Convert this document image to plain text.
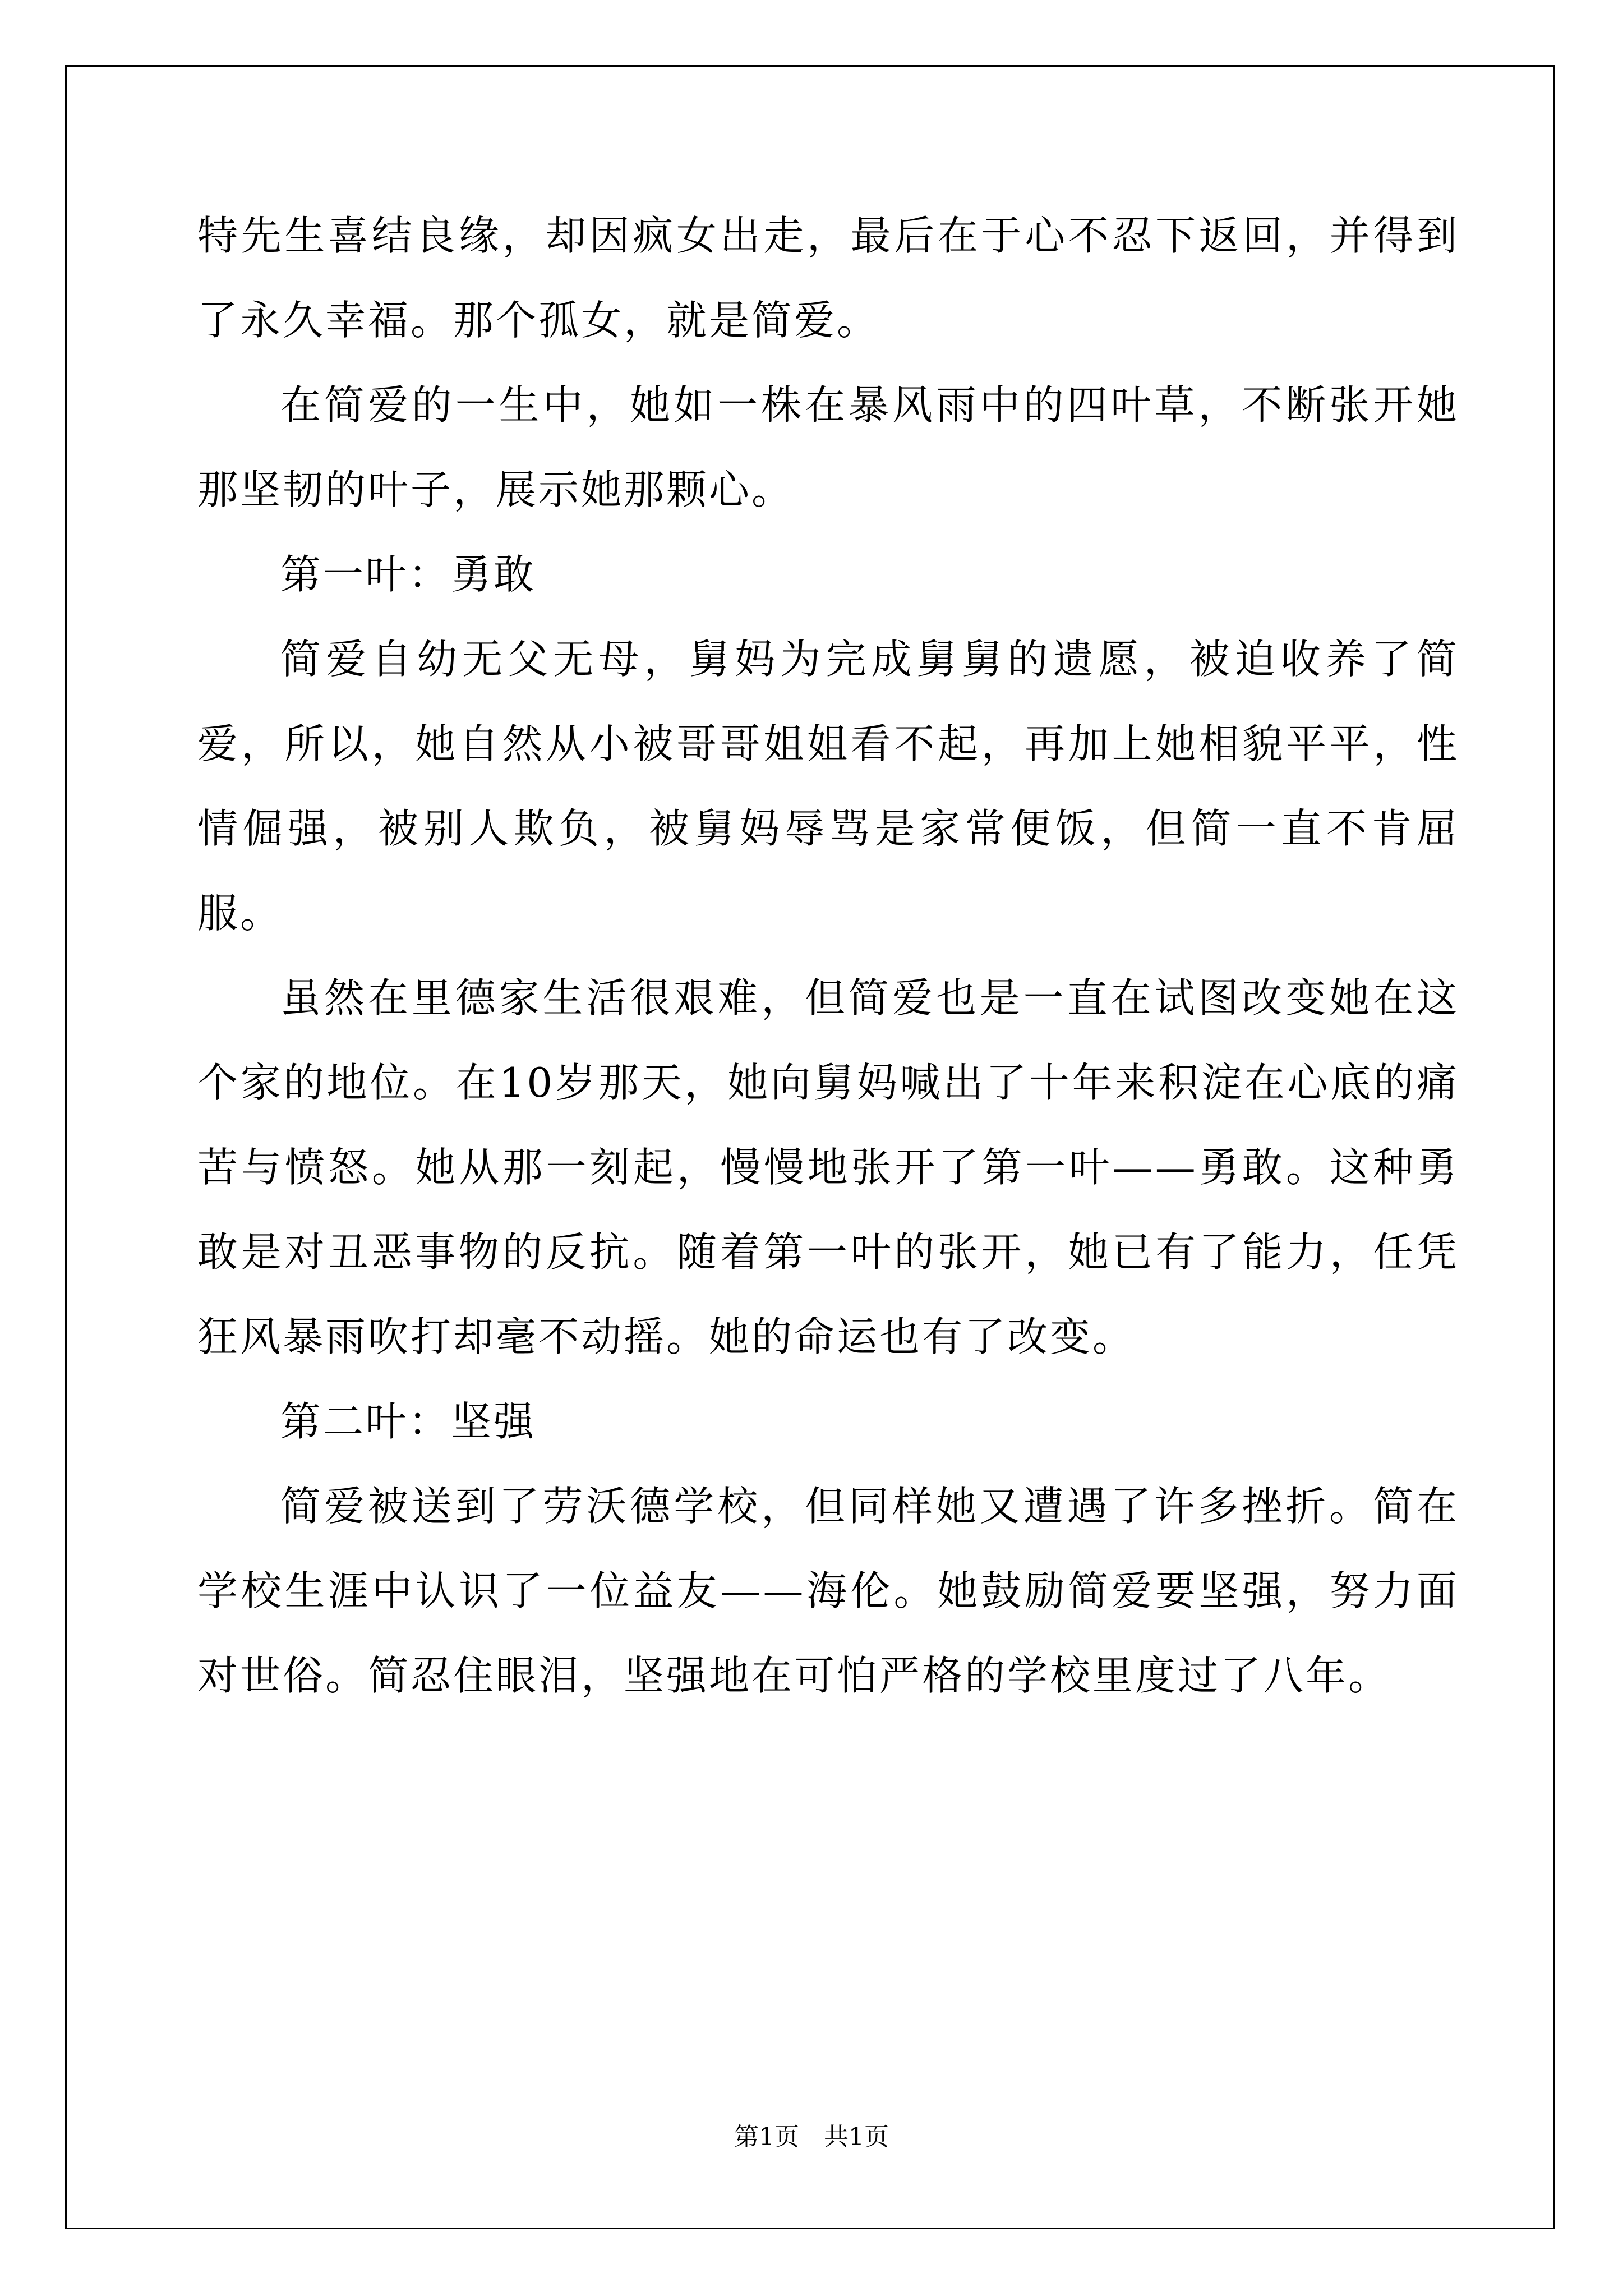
特先生喜结良缘，却因疯女出走，最后在于心不忍下返回，并得到了永久幸福。那个孤女，就是简爱。

在简爱的一生中，她如一株在暴风雨中的四叶草，不断张开她那坚韧的叶子，展示她那颗心。

第一叶：勇敢

简爱自幼无父无母，舅妈为完成舅舅的遗愿，被迫收养了简爱，所以，她自然从小被哥哥姐姐看不起，再加上她相貌平平，性情倔强，被别人欺负，被舅妈辱骂是家常便饭，但简一直不肯屈服。

虽然在里德家生活很艰难，但简爱也是一直在试图改变她在这个家的地位。在10岁那天，她向舅妈喊出了十年来积淀在心底的痛苦与愤怒。她从那一刻起，慢慢地张开了第一叶——勇敢。这种勇敢是对丑恶事物的反抗。随着第一叶的张开，她已有了能力，任凭狂风暴雨吹打却毫不动摇。她的命运也有了改变。

第二叶：坚强

简爱被送到了劳沃德学校，但同样她又遭遇了许多挫折。简在学校生涯中认识了一位益友——海伦。她鼓励简爱要坚强，努力面对世俗。简忍住眼泪，坚强地在可怕严格的学校里度过了八年。

第1页 共1页
